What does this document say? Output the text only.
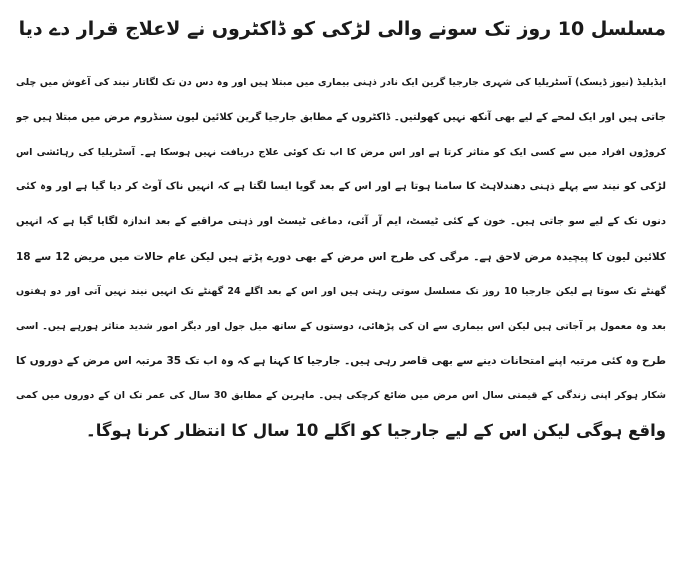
مسلسل 10 روز تک سونے والی لڑکی کو ڈاکٹروں نے لاعلاج قرار دے دیا
ایڈیلیڈ (نیوز ڈیسک) آسٹریلیا کی شہری جارجیا گرین ایک نادر ذہنی بیماری میں مبتلا ہیں اور وہ دس دن تک لگاتار نیند کی آغوش میں چلی
جاتی ہیں اور ایک لمحے کے لیے بھی آنکھ نہیں کھولتیں۔ ڈاکٹروں کے مطابق جارجیا گرین کلائین لیون سنڈروم مرض میں مبتلا ہیں جو
کروڑوں افراد میں سے کسی ایک کو متاثر کرتا ہے اور اس مرض کا اب تک کوئی علاج دریافت نہیں ہوسکا ہے۔ آسٹریلیا کی رہائشی اس
لڑکی کو نیند سے پہلے ذہنی دھندلاہٹ کا سامنا ہوتا ہے اور اس کے بعد گویا ایسا لگتا ہے کہ انہیں ناک آوٹ کر دیا گیا ہے اور وہ کئی
دنوں تک کے لیے سو جاتی ہیں۔ خون کے کئی ٹیسٹ، ایم آر آئی، دماغی ٹیسٹ اور ذہنی مراقبے کے بعد اندازہ لگایا گیا ہے کہ انہیں
کلائین لیون کا پیچیدہ مرض لاحق ہے۔ مرگی کی طرح اس مرض کے بھی دورے پڑتے ہیں لیکن عام حالات میں مریض 12 سے 18
گھنٹے تک سوتا ہے لیکن جارجیا 10 روز تک مسلسل سوتی رہتی ہیں اور اس کے بعد اگلے 24 گھنٹے تک انہیں نیند نہیں آتی اور دو ہفتوں
بعد وہ معمول پر آجاتی ہیں لیکن اس بیماری سے ان کی پڑھائی، دوستوں کے ساتھ میل جول اور دیگر امور شدید متاثر ہورہے ہیں۔ اسی
طرح وہ کئی مرتبہ اپنے امتحانات دینے سے بھی قاصر رہی ہیں۔ جارجیا کا کہنا ہے کہ وہ اب تک 35 مرتبہ اس مرض کے دوروں کا
شکار ہوکر اپنی زندگی کے قیمتی سال اس مرض میں ضائع کرچکی ہیں۔ ماہرین کے مطابق 30 سال کی عمر تک ان کے دوروں میں کمی
واقع ہوگی لیکن اس کے لیے جارجیا کو اگلے 10 سال کا انتظار کرنا ہوگا۔
